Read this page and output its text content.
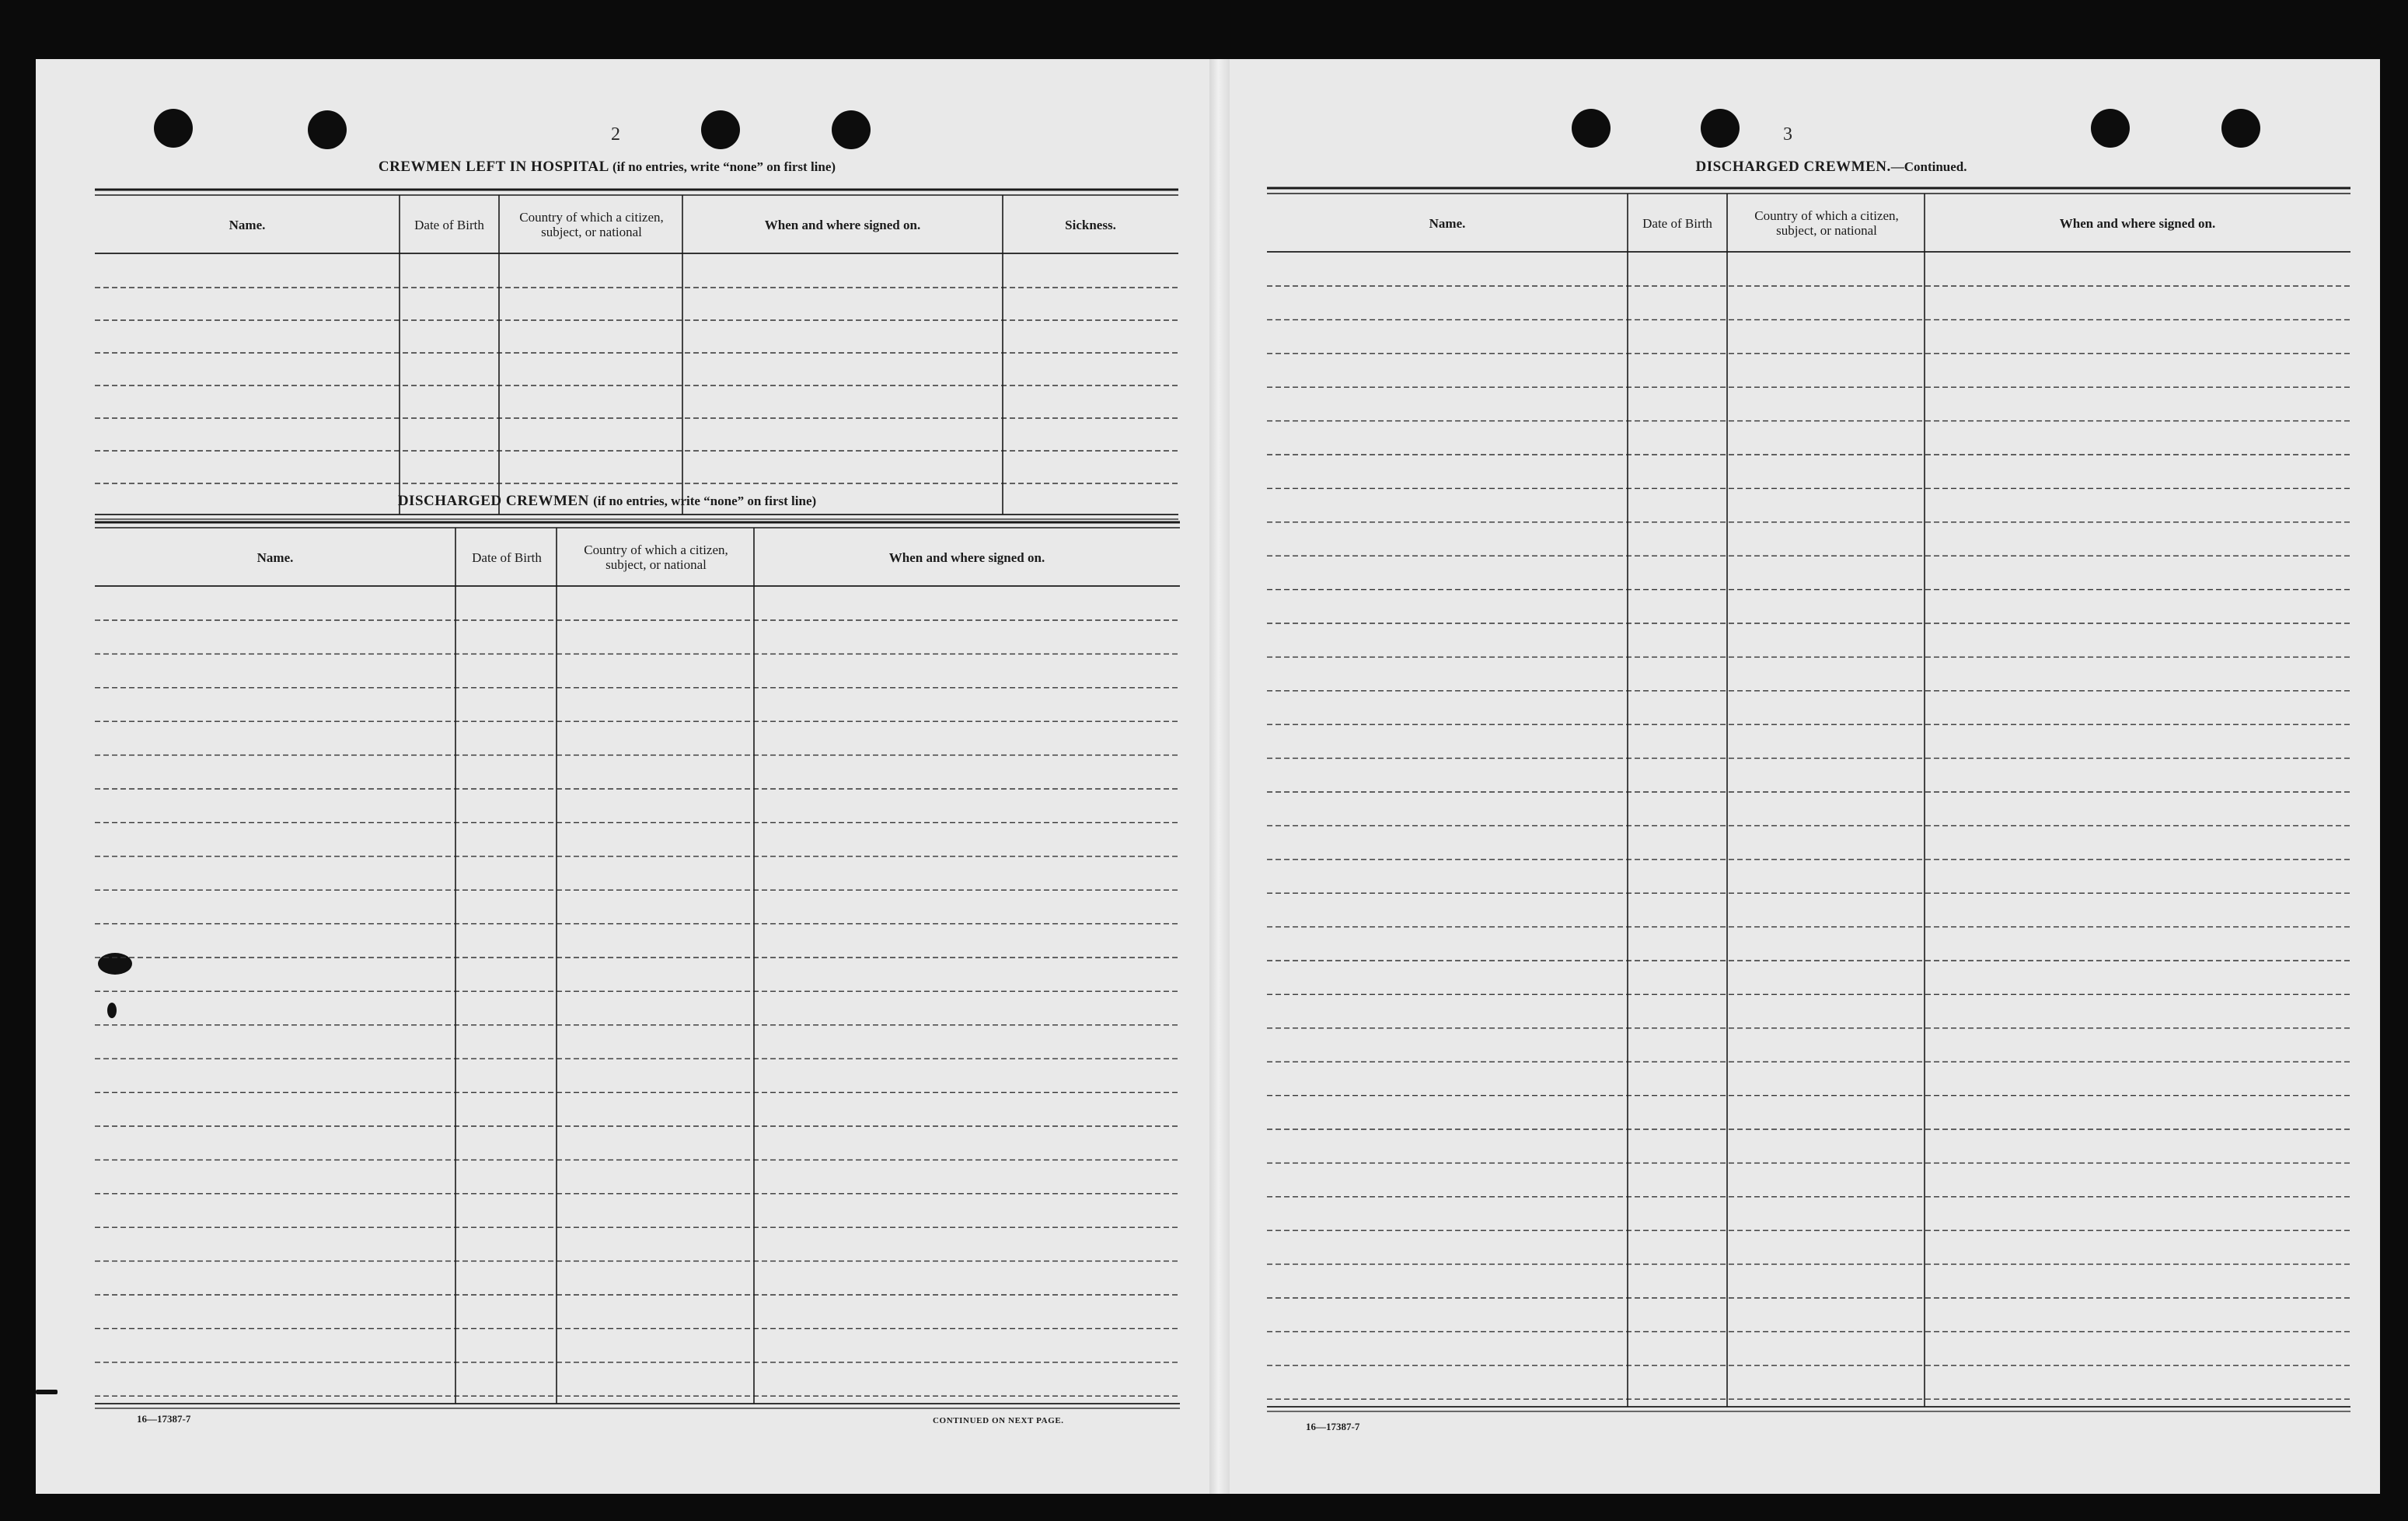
2	3
CREWMEN LEFT IN HOSPITAL (if no entries, write “none” on first line)
Name.	Date of Birth	Country of which a citizen, subject, or national	When and where signed on.	Sickness.
DISCHARGED CREWMEN (if no entries, write “none” on first line)
Name.	Date of Birth	Country of which a citizen, subject, or national	When and where signed on.
16—17387-7	CONTINUED ON NEXT PAGE.
DISCHARGED CREWMEN.—Continued.
Name.	Date of Birth	Country of which a citizen, subject, or national	When and where signed on.
16—17387-7
